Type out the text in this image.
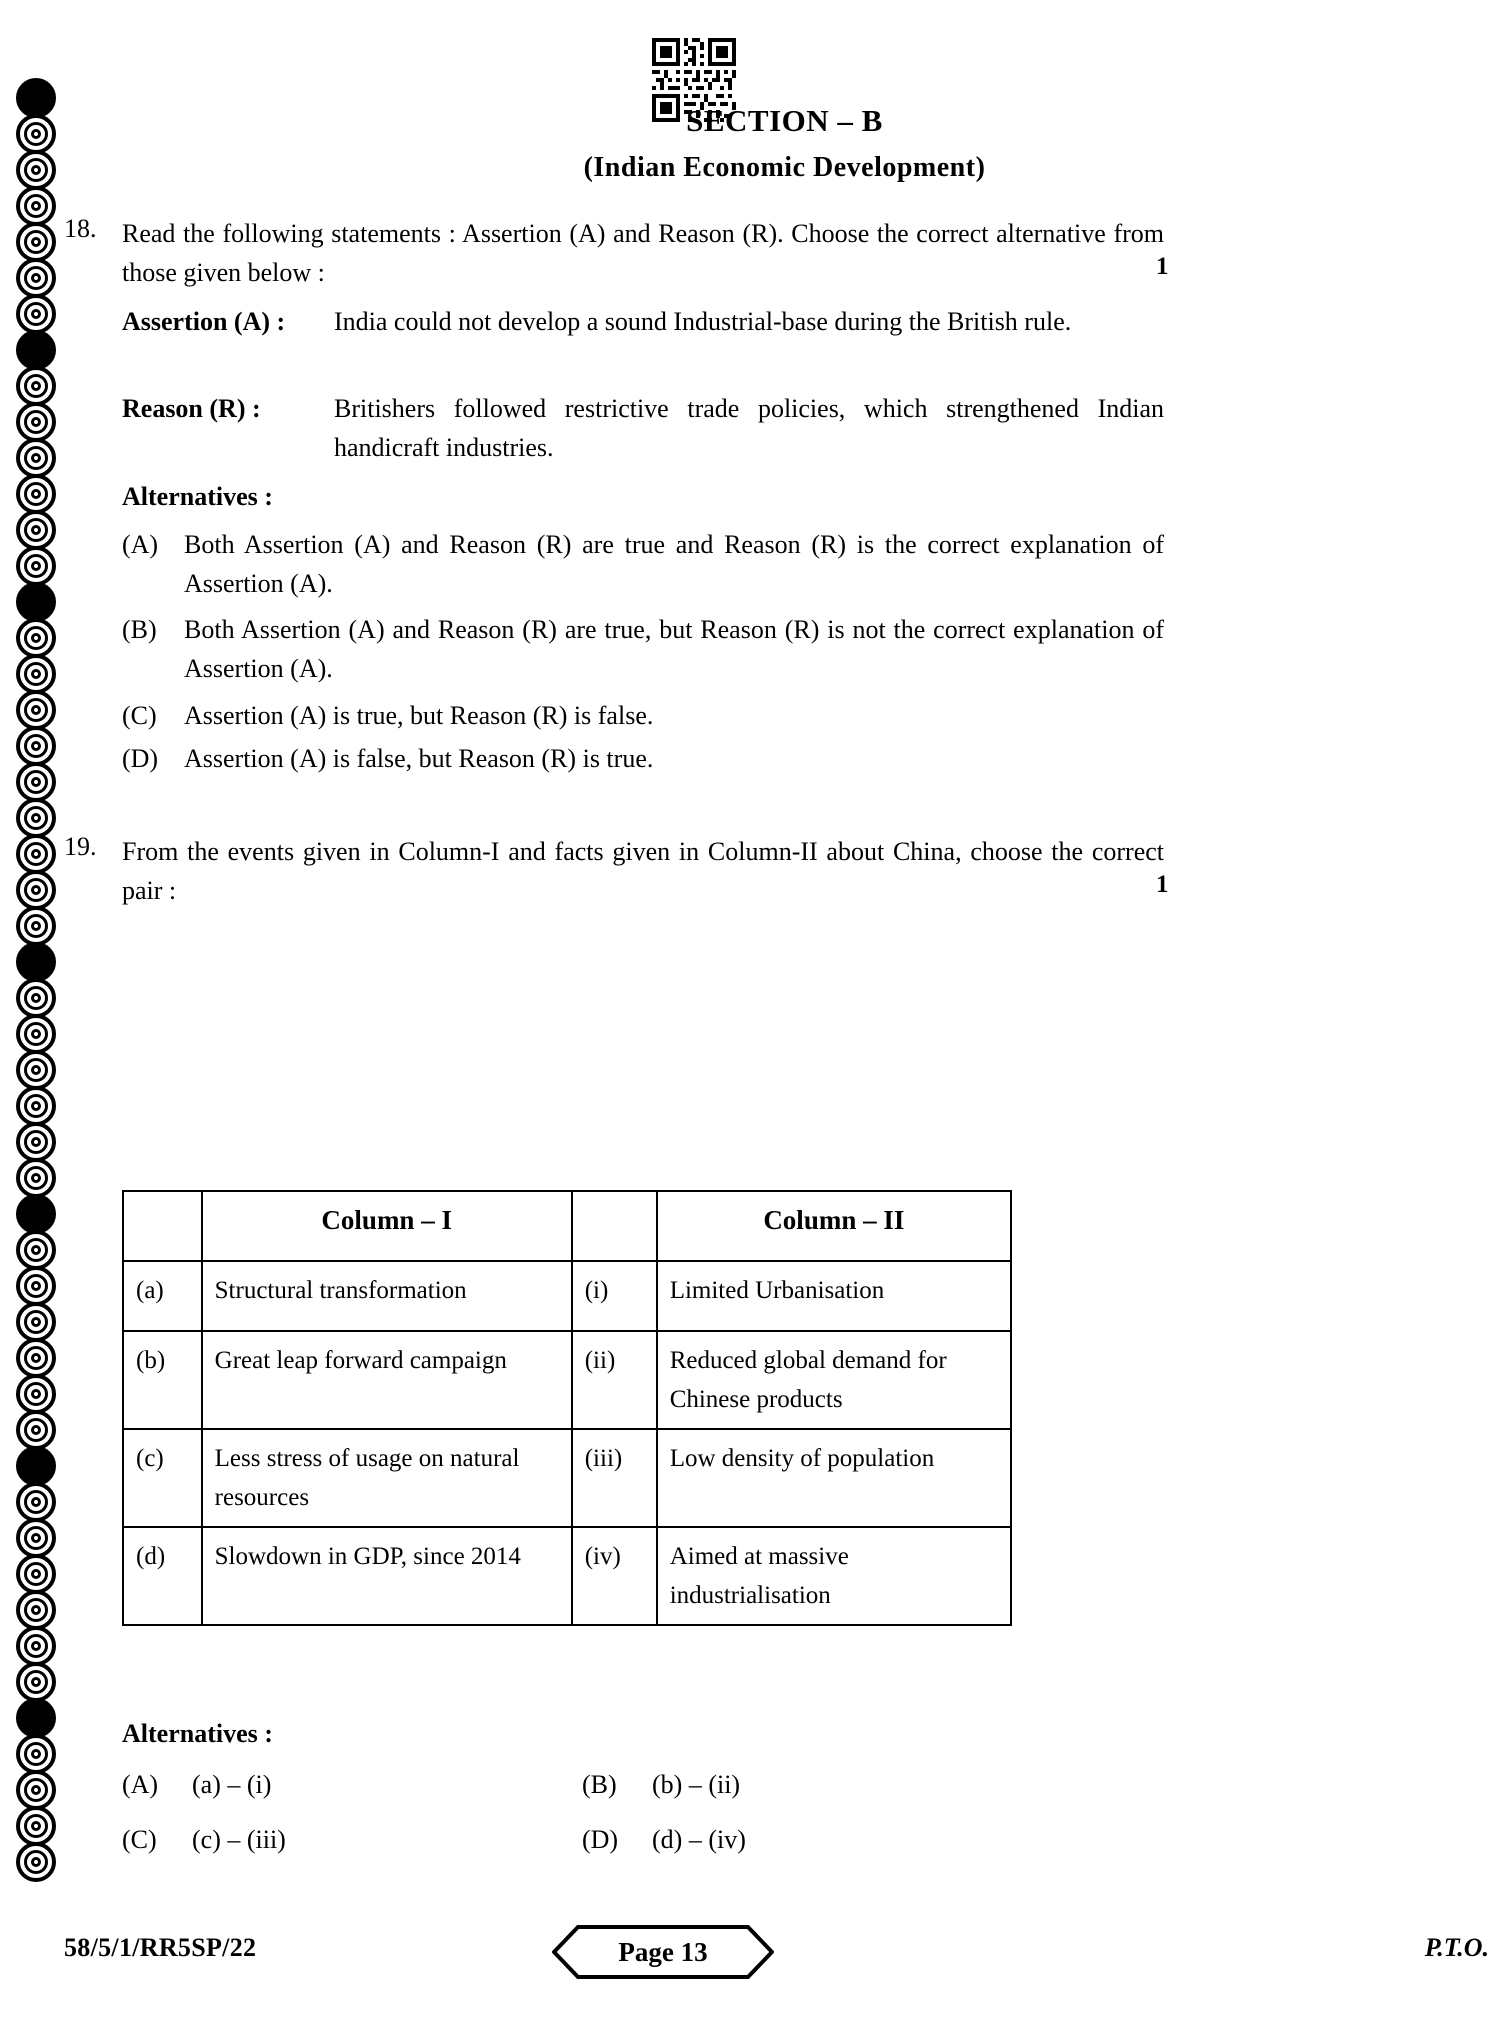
SECTION – B
(Indian Economic Development)
18. Read the following statements : Assertion (A) and Reason (R). Choose the correct alternative from those given below :	1
Assertion (A) :	India could not develop a sound Industrial-base during the British rule.
Reason (R) :	Britishers followed restrictive trade policies, which strengthened Indian handicraft industries.

Alternatives :

(A) Both Assertion (A) and Reason (R) are true and Reason (R) is the correct explanation of Assertion (A).
(B)	Both Assertion (A) and Reason (R) are true, but Reason (R) is not the correct explanation of Assertion (A).
(C)	Assertion (A) is true, but Reason (R) is false.
(D) Assertion (A) is false, but Reason (R) is true.
19. From the events given in Column-I and facts given in Column-II about China, choose the correct pair :	1
	Column – I		Column – II
(a)	Structural transformation	(i)	Limited Urbanisation
(b)	Great leap forward campaign	(ii)	Reduced global demand for Chinese products
(c)	Less stress of usage on natural resources	(iii)	Low density of population
(d)	Slowdown in GDP, since 2014	(iv)	Aimed at massive industrialisation

Alternatives :

(A)	(a) – (i)	(B)	(b) – (ii)
(C)	(c) – (iii)	(D)	(d) – (iv)
58/5/1/RR5SP/22	Page 13	P.T.O.
